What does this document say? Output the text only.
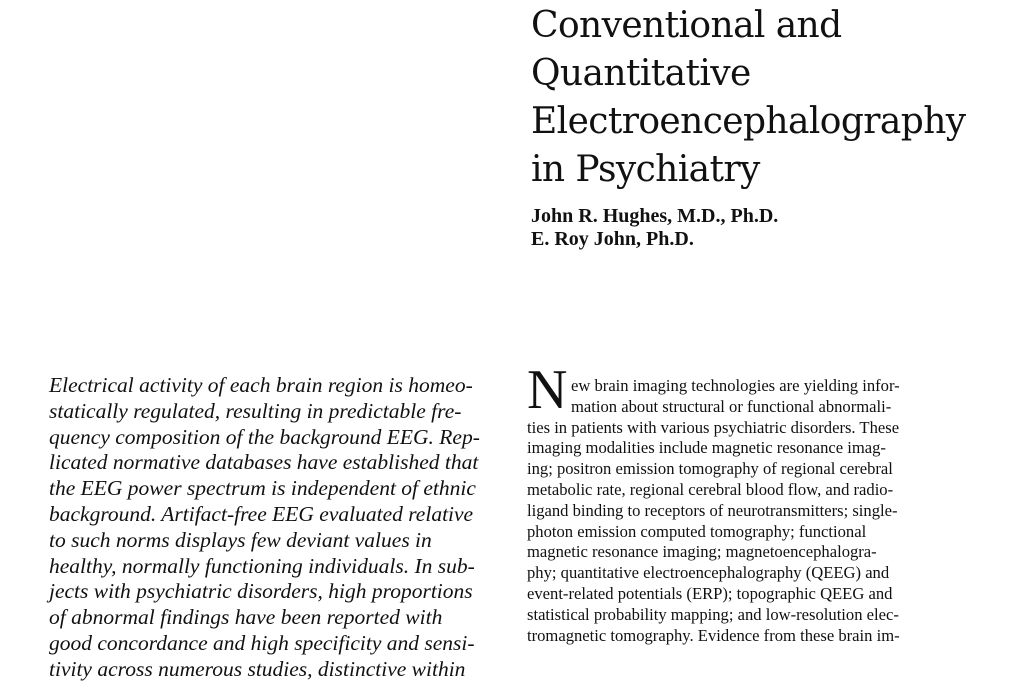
Conventional and
Quantitative
Electroencephalography
in Psychiatry
John R. Hughes, M.D., Ph.D.
E. Roy John, Ph.D.
Electrical activity of each brain region is homeo-
statically regulated, resulting in predictable fre-
quency composition of the background EEG. Rep-
licated normative databases have established that
the EEG power spectrum is independent of ethnic
background. Artifact-free EEG evaluated relative
to such norms displays few deviant values in
healthy, normally functioning individuals. In sub-
jects with psychiatric disorders, high proportions
of abnormal findings have been reported with
good concordance and high specificity and sensi-
tivity across numerous studies, distinctive within
N ew brain imaging technologies are yielding infor-
mation about structural or functional abnormali-
ties in patients with various psychiatric disorders. These
imaging modalities include magnetic resonance imag-
ing; positron emission tomography of regional cerebral
metabolic rate, regional cerebral blood flow, and radio-
ligand binding to receptors of neurotransmitters; single-
photon emission computed tomography; functional
magnetic resonance imaging; magnetoencephalogra-
phy; quantitative electroencephalography (QEEG) and
event-related potentials (ERP); topographic QEEG and
statistical probability mapping; and low-resolution elec-
tromagnetic tomography. Evidence from these brain im-
